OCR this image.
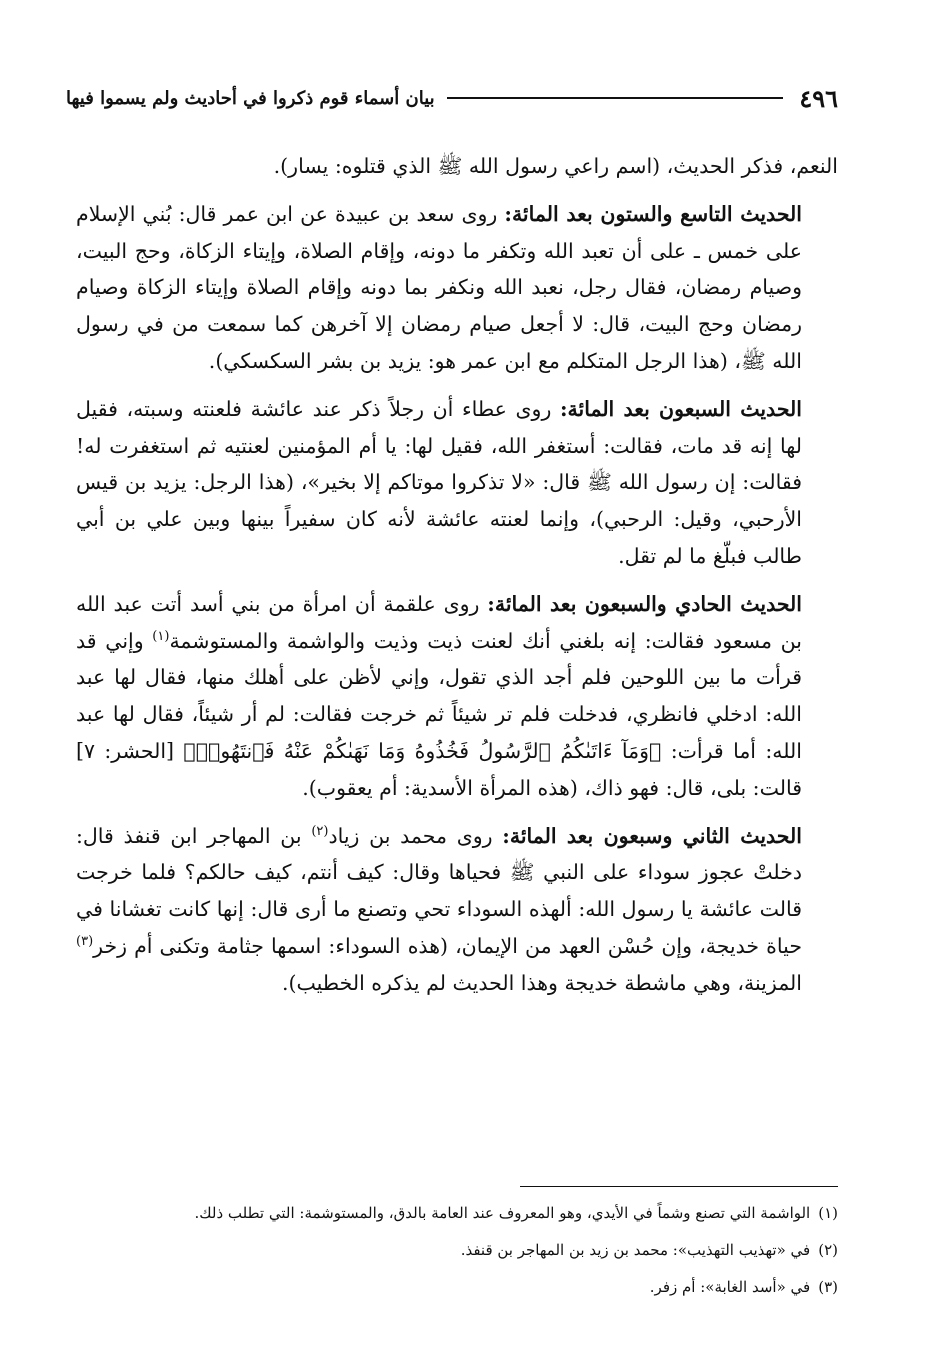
٤٩٦
بيان أسماء قوم ذكروا في أحاديث ولم يسموا فيها

النعم، فذكر الحديث، (اسم راعي رسول الله ﷺ الذي قتلوه: يسار).

الحديث التاسع والستون بعد المائة: روى سعد بن عبيدة عن ابن عمر قال: بُني الإسلام على خمس ـ على أن تعبد الله وتكفر ما دونه، وإقام الصلاة، وإيتاء الزكاة، وحج البيت، وصيام رمضان، فقال رجل، نعبد الله ونكفر بما دونه وإقام الصلاة وإيتاء الزكاة وصيام رمضان وحج البيت، قال: لا أجعل صيام رمضان إلا آخرهن كما سمعت من في رسول الله ﷺ، (هذا الرجل المتكلم مع ابن عمر هو: يزيد بن بشر السكسكي).

الحديث السبعون بعد المائة: روى عطاء أن رجلاً ذكر عند عائشة فلعنته وسبته، فقيل لها إنه قد مات، فقالت: أستغفر الله، فقيل لها: يا أم المؤمنين لعنتيه ثم استغفرت له! فقالت: إن رسول الله ﷺ قال: «لا تذكروا موتاكم إلا بخير»، (هذا الرجل: يزيد بن قيس الأرحبي، وقيل: الرحبي)، وإنما لعنته عائشة لأنه كان سفيراً بينها وبين علي بن أبي طالب فبلّغ ما لم تقل.

الحديث الحادي والسبعون بعد المائة: روى علقمة أن امرأة من بني أسد أتت عبد الله بن مسعود فقالت: إنه بلغني أنك لعنت ذيت وذيت والواشمة والمستوشمة$^{(١)}$ وإني قد قرأت ما بين اللوحين فلم أجد الذي تقول، وإني لأظن على أهلك منها، فقال لها عبد الله: ادخلي فانظري، فدخلت فلم تر شيئاً ثم خرجت فقالت: لم أر شيئاً، فقال لها عبد الله: أما قرأت: ﴿وَمَآ ءَاتَىٰكُمُ ٱلرَّسُولُ فَخُذُوهُ وَمَا نَهَىٰكُمْ عَنْهُ فَٱنتَهُوا۟﴾ [الحشر: ٧] قالت: بلى، قال: فهو ذاك، (هذه المرأة الأسدية: أم يعقوب).

الحديث الثاني وسبعون بعد المائة: روى محمد بن زياد$^{(٢)}$ بن المهاجر ابن قنفذ قال: دخلتْ عجوز سوداء على النبي ﷺ فحياها وقال: كيف أنتم، كيف حالكم؟ فلما خرجت قالت عائشة يا رسول الله: ألهذه السوداء تحي وتصنع ما أرى قال: إنها كانت تغشانا في حياة خديجة، وإن حُسْن العهد من الإيمان، (هذه السوداء: اسمها جثامة وتكنى أم زخر$^{(٣)}$ المزينة، وهي ماشطة خديجة وهذا الحديث لم يذكره الخطيب).

(١)الواشمة التي تصنع وشماً في الأيدي، وهو المعروف عند العامة بالدق، والمستوشمة: التي تطلب ذلك.

(٢)في «تهذيب التهذيب»: محمد بن زيد بن المهاجر بن قنفذ.

(٣)في «أسد الغابة»: أم زفر.
